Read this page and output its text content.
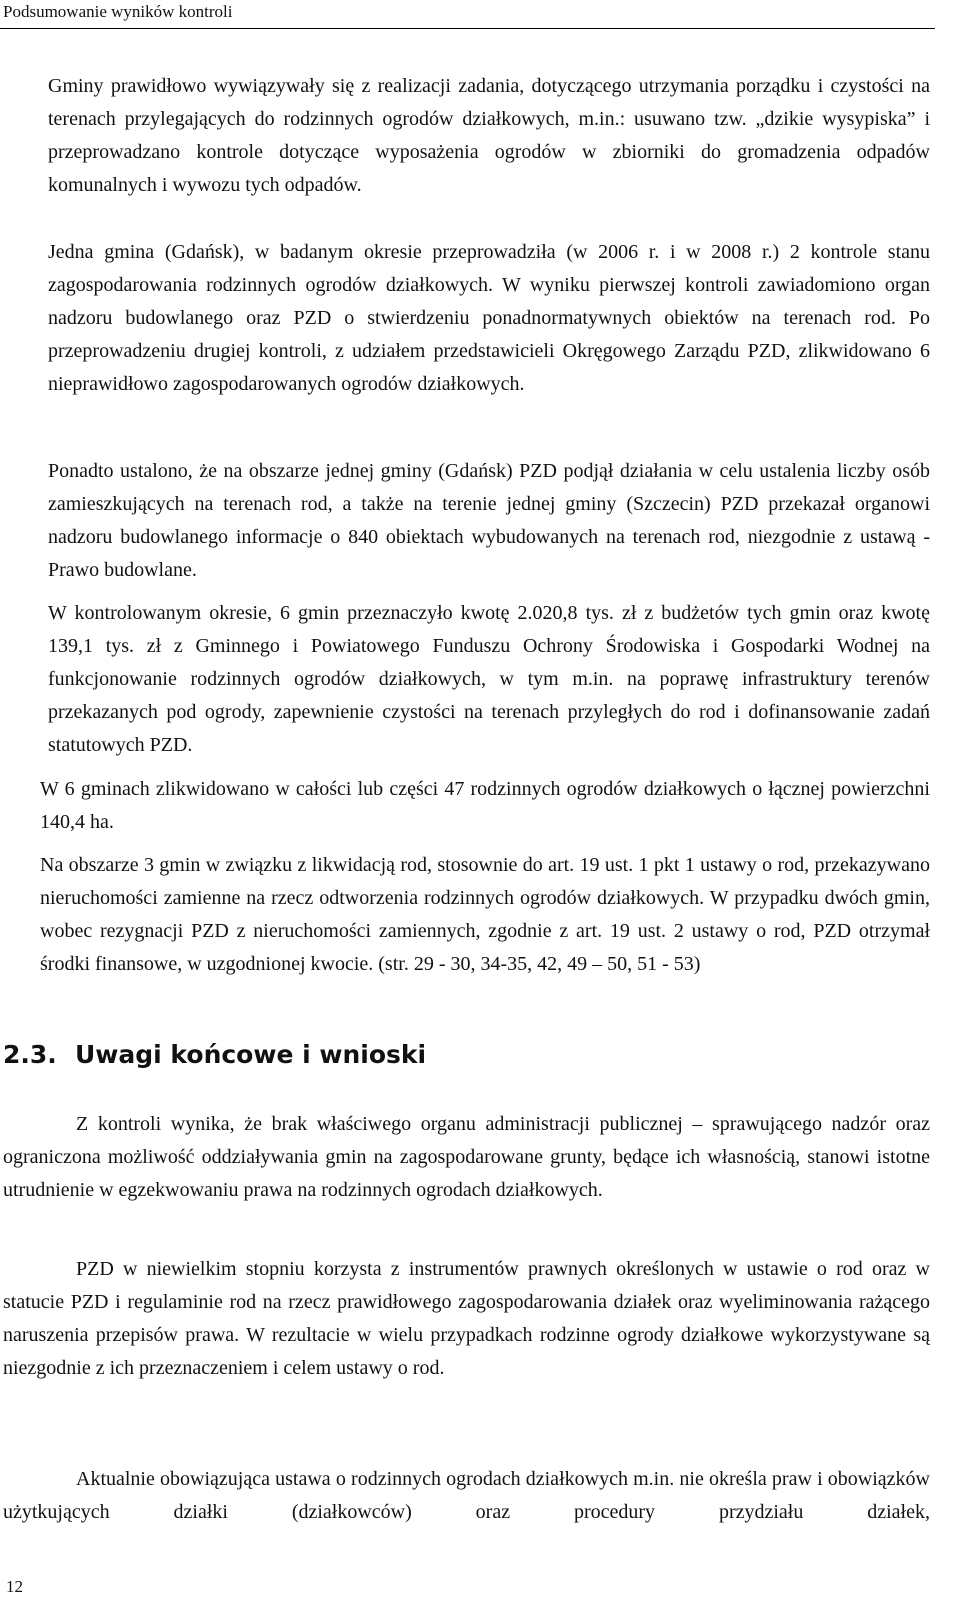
Podsumowanie wyników kontroli

Gminy prawidłowo wywiązywały się z realizacji zadania, dotyczącego utrzymania porządku i czystości na terenach przylegających do rodzinnych ogrodów działkowych, m.in.: usuwano tzw. „dzikie wysypiska” i przeprowadzano kontrole dotyczące wyposażenia ogrodów w zbiorniki do gromadzenia odpadów komunalnych i wywozu tych odpadów.

Jedna gmina (Gdańsk), w badanym okresie przeprowadziła (w 2006 r. i w 2008 r.) 2 kontrole stanu zagospodarowania rodzinnych ogrodów działkowych. W wyniku pierwszej kontroli zawiadomiono organ nadzoru budowlanego oraz PZD o stwierdzeniu ponadnormatywnych obiektów na terenach rod. Po przeprowadzeniu drugiej kontroli, z udziałem przedstawicieli Okręgowego Zarządu PZD, zlikwidowano 6 nieprawidłowo zagospodarowanych ogrodów działkowych.

Ponadto ustalono, że na obszarze jednej gminy (Gdańsk) PZD podjął działania w celu ustalenia liczby osób zamieszkujących na terenach rod, a także na terenie jednej gminy (Szczecin) PZD przekazał organowi nadzoru budowlanego informacje o 840 obiektach wybudowanych na terenach rod, niezgodnie z ustawą - Prawo budowlane.

W kontrolowanym okresie, 6 gmin przeznaczyło kwotę 2.020,8 tys. zł z budżetów tych gmin oraz kwotę 139,1 tys. zł z Gminnego i Powiatowego Funduszu Ochrony Środowiska i Gospodarki Wodnej na funkcjonowanie rodzinnych ogrodów działkowych, w tym m.in. na poprawę infrastruktury terenów przekazanych pod ogrody, zapewnienie czystości na terenach przyległych do rod i dofinansowanie zadań statutowych PZD.

W 6 gminach zlikwidowano w całości lub części 47 rodzinnych ogrodów działkowych o łącznej powierzchni 140,4 ha.

Na obszarze 3 gmin w związku z likwidacją rod, stosownie do art. 19 ust. 1 pkt 1 ustawy o rod, przekazywano nieruchomości zamienne na rzecz odtworzenia rodzinnych ogrodów działkowych. W przypadku dwóch gmin, wobec rezygnacji PZD z nieruchomości zamiennych, zgodnie z art. 19 ust. 2 ustawy o rod, PZD otrzymał środki finansowe, w uzgodnionej kwocie. (str. 29 - 30, 34-35, 42, 49 – 50, 51 - 53)

2.3. Uwagi końcowe i wnioski

Z kontroli wynika, że brak właściwego organu administracji publicznej – sprawującego nadzór oraz ograniczona możliwość oddziaływania gmin na zagospodarowane grunty, będące ich własnością, stanowi istotne utrudnienie w egzekwowaniu prawa na rodzinnych ogrodach działkowych.

PZD w niewielkim stopniu korzysta z instrumentów prawnych określonych w ustawie o rod oraz w statucie PZD i regulaminie rod na rzecz prawidłowego zagospodarowania działek oraz wyeliminowania rażącego naruszenia przepisów prawa. W rezultacie w wielu przypadkach rodzinne ogrody działkowe wykorzystywane są niezgodnie z ich przeznaczeniem i celem ustawy o rod.

Aktualnie obowiązująca ustawa o rodzinnych ogrodach działkowych m.in. nie określa praw i obowiązków użytkujących działki (działkowców) oraz procedury przydziału działek,

12
